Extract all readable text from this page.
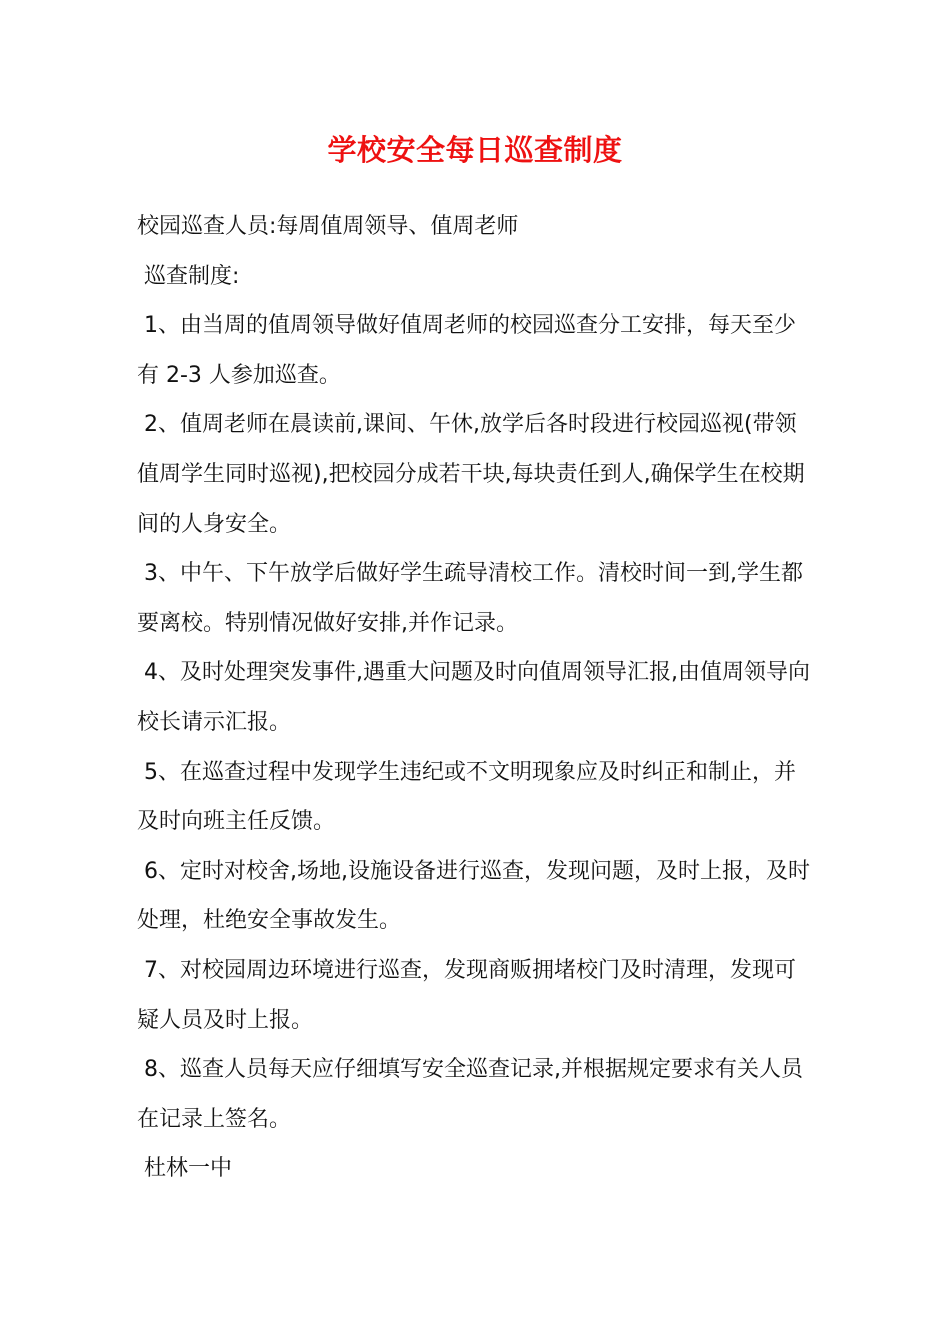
学校安全每日巡查制度

校园巡查人员:每周值周领导、值周老师

巡查制度:

1、由当周的值周领导做好值周老师的校园巡查分工安排，每天至少

有 2-3 人参加巡查。

2、值周老师在晨读前,课间、午休,放学后各时段进行校园巡视(带领

值周学生同时巡视),把校园分成若干块,每块责任到人,确保学生在校期

间的人身安全。

3、中午、下午放学后做好学生疏导清校工作。清校时间一到,学生都

要离校。特别情况做好安排,并作记录。

4、及时处理突发事件,遇重大问题及时向值周领导汇报,由值周领导向

校长请示汇报。

5、在巡查过程中发现学生违纪或不文明现象应及时纠正和制止，并

及时向班主任反馈。

6、定时对校舍,场地,设施设备进行巡查，发现问题，及时上报，及时

处理，杜绝安全事故发生。

7、对校园周边环境进行巡查，发现商贩拥堵校门及时清理，发现可

疑人员及时上报。

8、巡查人员每天应仔细填写安全巡查记录,并根据规定要求有关人员

在记录上签名。

杜林一中
